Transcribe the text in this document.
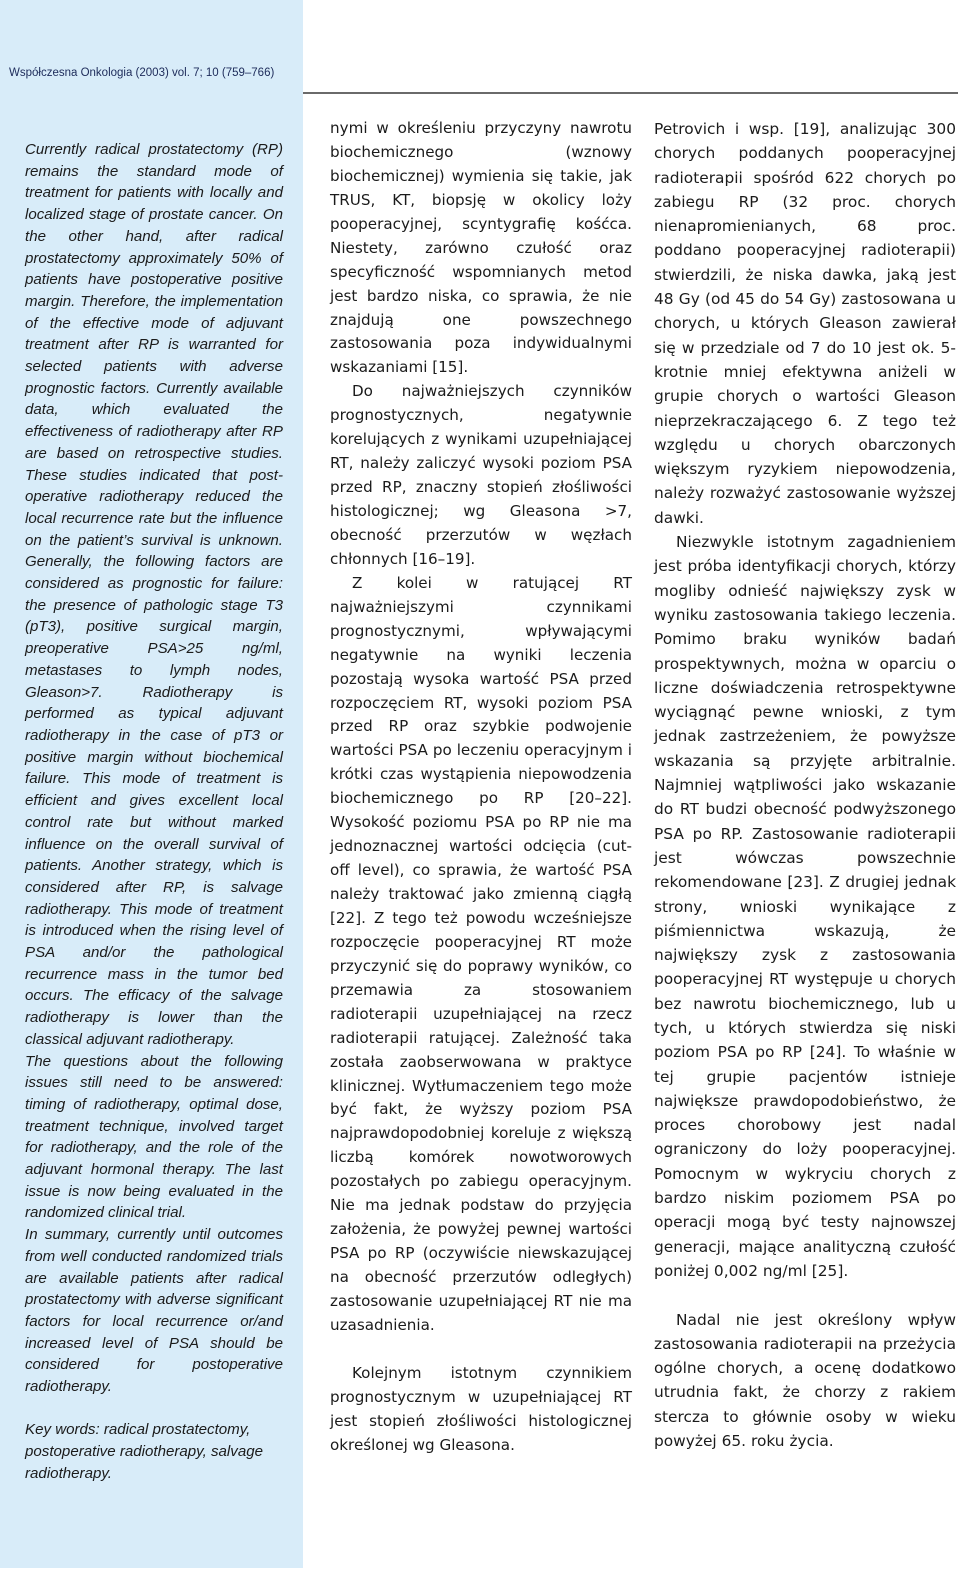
Współczesna Onkologia (2003) vol. 7; 10 (759–766)

Currently radical prostatectomy (RP) remains the standard mode of treatment for patients with locally and localized stage of prostate cancer. On the other hand, after radical prostatectomy approximately 50% of patients have postoperative positive margin. Therefore, the implementation of the effective mode of adjuvant treatment after RP is warranted for selected patients with adverse prognostic factors. Currently available data, which evaluated the effectiveness of radiotherapy after RP are based on retrospective studies. These studies indicated that post-operative radiotherapy reduced the local recurrence rate but the influence on the patient’s survival is unknown. Generally, the following factors are considered as prognostic for failure: the presence of pathologic stage T3 (pT3), positive surgical margin, preoperative PSA>25 ng/ml, metastases to lymph nodes, Gleason>7. Radiotherapy is performed as typical adjuvant radiotherapy in the case of pT3 or positive margin without biochemical failure. This mode of treatment is efficient and gives excellent local control rate but without marked influence on the overall survival of patients. Another strategy, which is considered after RP, is salvage radiotherapy. This mode of treatment is introduced when the rising level of PSA and/or the pathological recurrence mass in the tumor bed occurs. The efficacy of the salvage radiotherapy is lower than the classical adjuvant radiotherapy.

The questions about the following issues still need to be answered: timing of radiotherapy, optimal dose, treatment technique, involved target for radiotherapy, and the role of the adjuvant hormonal therapy. The last issue is now being evaluated in the randomized clinical trial.

In summary, currently until outcomes from well conducted randomized trials are available patients after radical prostatectomy with adverse significant factors for local recurrence or/and increased level of PSA should be considered for postoperative radiotherapy.

Key words: radical prostatectomy, postoperative radiotherapy, salvage radiotherapy.

nymi w określeniu przyczyny nawrotu biochemicznego (wznowy biochemicznej) wymienia się takie, jak TRUS, KT, biopsję w okolicy loży pooperacyjnej, scyntygrafię kośćca. Niestety, zarówno czułość oraz specyficzność wspomnianych metod jest bardzo niska, co sprawia, że nie znajdują one powszechnego zastosowania poza indywidualnymi wskazaniami [15].

Do najważniejszych czynników prognostycznych, negatywnie korelujących z wynikami uzupełniającej RT, należy zaliczyć wysoki poziom PSA przed RP, znaczny stopień złośliwości histologicznej; wg Gleasona >7, obecność przerzutów w węzłach chłonnych [16–19].

Z kolei w ratującej RT najważniejszymi czynnikami prognostycznymi, wpływającymi negatywnie na wyniki leczenia pozostają wysoka wartość PSA przed rozpoczęciem RT, wysoki poziom PSA przed RP oraz szybkie podwojenie wartości PSA po leczeniu operacyjnym i krótki czas wystąpienia niepowodzenia biochemicznego po RP [20–22]. Wysokość poziomu PSA po RP nie ma jednoznacznej wartości odcięcia (cut-off level), co sprawia, że wartość PSA należy traktować jako zmienną ciągłą [22]. Z tego też powodu wcześniejsze rozpoczęcie pooperacyjnej RT może przyczynić się do poprawy wyników, co przemawia za stosowaniem radioterapii uzupełniającej na rzecz radioterapii ratującej. Zależność taka została zaobserwowana w praktyce klinicznej. Wytłumaczeniem tego może być fakt, że wyższy poziom PSA najprawdopodobniej koreluje z większą liczbą komórek nowotworowych pozostałych po zabiegu operacyjnym. Nie ma jednak podstaw do przyjęcia założenia, że powyżej pewnej wartości PSA po RP (oczywiście niewskazującej na obecność przerzutów odległych) zastosowanie uzupełniającej RT nie ma uzasadnienia.

Kolejnym istotnym czynnikiem prognostycznym w uzupełniającej RT jest stopień złośliwości histologicznej określonej wg Gleasona.

Petrovich i wsp. [19], analizując 300 chorych poddanych pooperacyjnej radioterapii spośród 622 chorych po zabiegu RP (32 proc. chorych nienapromienianych, 68 proc. poddano pooperacyjnej radioterapii) stwierdzili, że niska dawka, jaką jest 48 Gy (od 45 do 54 Gy) zastosowana u chorych, u których Gleason zawierał się w przedziale od 7 do 10 jest ok. 5-krotnie mniej efektywna aniżeli w grupie chorych o wartości Gleason nieprzekraczającego 6. Z tego też względu u chorych obarczonych większym ryzykiem niepowodzenia, należy rozważyć zastosowanie wyższej dawki.

Niezwykle istotnym zagadnieniem jest próba identyfikacji chorych, którzy mogliby odnieść największy zysk w wyniku zastosowania takiego leczenia. Pomimo braku wyników badań prospektywnych, można w oparciu o liczne doświadczenia retrospektywne wyciągnąć pewne wnioski, z tym jednak zastrzeżeniem, że powyższe wskazania są przyjęte arbitralnie. Najmniej wątpliwości jako wskazanie do RT budzi obecność podwyższonego PSA po RP. Zastosowanie radioterapii jest wówczas powszechnie rekomendowane [23]. Z drugiej jednak strony, wnioski wynikające z piśmiennictwa wskazują, że największy zysk z zastosowania pooperacyjnej RT występuje u chorych bez nawrotu biochemicznego, lub u tych, u których stwierdza się niski poziom PSA po RP [24]. To właśnie w tej grupie pacjentów istnieje największe prawdopodobieństwo, że proces chorobowy jest nadal ograniczony do loży pooperacyjnej. Pomocnym w wykryciu chorych z bardzo niskim poziomem PSA po operacji mogą być testy najnowszej generacji, mające analityczną czułość poniżej 0,002 ng/ml [25].

Nadal nie jest określony wpływ zastosowania radioterapii na przeżycia ogólne chorych, a ocenę dodatkowo utrudnia fakt, że chorzy z rakiem stercza to głównie osoby w wieku powyżej 65. roku życia.
